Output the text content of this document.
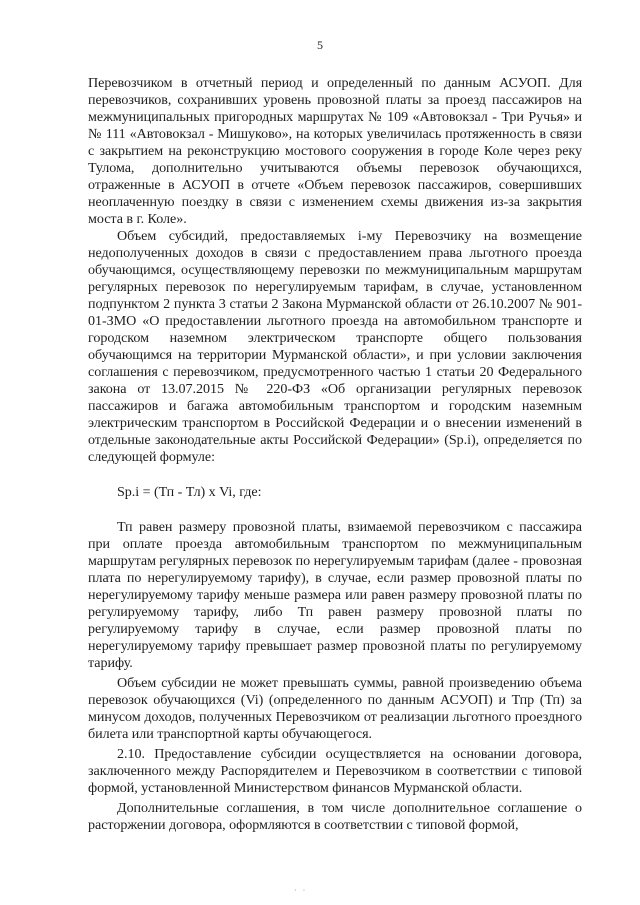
5

Перевозчиком в отчетный период и определенный по данным АСУОП. Для перевозчиков, сохранивших уровень провозной платы за проезд пассажиров на межмуниципальных пригородных маршрутах № 109 «Автовокзал - Три Ручья» и № 111 «Автовокзал - Мишуково», на которых увеличилась протяженность в связи с закрытием на реконструкцию мостового сооружения в городе Коле через реку Тулома, дополнительно учитываются объемы перевозок обучающихся, отраженные в АСУОП в отчете «Объем перевозок пассажиров, совершивших неоплаченную поездку в связи с изменением схемы движения из-за закрытия моста в г. Коле».

Объем субсидий, предоставляемых i-му Перевозчику на возмещение недополученных доходов в связи с предоставлением права льготного проезда обучающимся, осуществляющему перевозки по межмуниципальным маршрутам регулярных перевозок по нерегулируемым тарифам, в случае, установленном подпунктом 2 пункта 3 статьи 2 Закона Мурманской области от 26.10.2007 № 901-01-ЗМО «О предоставлении льготного проезда на автомобильном транспорте и городском наземном электрическом транспорте общего пользования обучающимся на территории Мурманской области», и при условии заключения соглашения с перевозчиком, предусмотренного частью 1 статьи 20 Федерального закона от 13.07.2015 № 220-ФЗ «Об организации регулярных перевозок пассажиров и багажа автомобильным транспортом и городским наземным электрическим транспортом в Российской Федерации и о внесении изменений в отдельные законодательные акты Российской Федерации» (Sp.i), определяется по следующей формуле:

Sp.i = (Тп - Тл) х Vi, где:

Тп равен размеру провозной платы, взимаемой перевозчиком с пассажира при оплате проезда автомобильным транспортом по межмуниципальным маршрутам регулярных перевозок по нерегулируемым тарифам (далее - провозная плата по нерегулируемому тарифу), в случае, если размер провозной платы по нерегулируемому тарифу меньше размера или равен размеру провозной платы по регулируемому тарифу, либо Тп равен размеру провозной платы по регулируемому тарифу в случае, если размер провозной платы по нерегулируемому тарифу превышает размер провозной платы по регулируемому тарифу.

Объем субсидии не может превышать суммы, равной произведению объема перевозок обучающихся (Vi) (определенного по данным АСУОП) и Тпр (Тп) за минусом доходов, полученных Перевозчиком от реализации льготного проездного билета или транспортной карты обучающегося.

2.10. Предоставление субсидии осуществляется на основании договора, заключенного между Распорядителем и Перевозчиком в соответствии с типовой формой, установленной Министерством финансов Мурманской области.

Дополнительные соглашения, в том числе дополнительное соглашение о расторжении договора, оформляются в соответствии с типовой формой,

· ·
